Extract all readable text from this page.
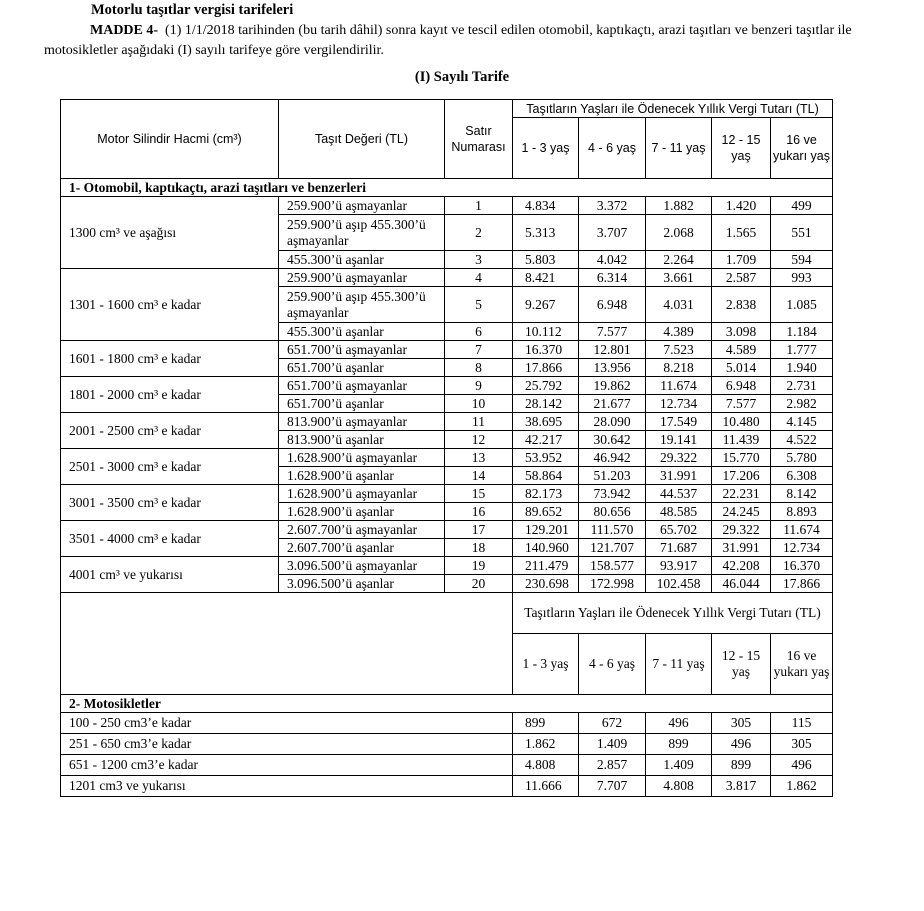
Motorlu taşıtlar vergisi tarifeleri
MADDE 4- (1) 1/1/2018 tarihinden (bu tarih dâhil) sonra kayıt ve tescil edilen otomobil, kaptıkaçtı, arazi taşıtları ve benzeri taşıtlar ile motosikletler aşağıdaki (I) sayılı tarifeye göre vergilendirilir.
(I) Sayılı Tarife
Motor Silindir Hacmi (cm³)	Taşıt Değeri (TL)	Satır Numarası	Taşıtların Yaşları ile Ödenecek Yıllık Vergi Tutarı (TL)				
			1 - 3 yaş	4 - 6 yaş	7 - 11 yaş	12 - 15 yaş	16 ve yukarı yaş
1- Otomobil, kaptıkaçtı, arazi taşıtları ve benzerleri							
1300 cm³ ve aşağısı	259.900’ü aşmayanlar	1	4.834	3.372	1.882	1.420	499
	259.900’ü aşıp 455.300’ü aşmayanlar	2	5.313	3.707	2.068	1.565	551
	455.300’ü aşanlar	3	5.803	4.042	2.264	1.709	594
1301 - 1600 cm³ e kadar	259.900’ü aşmayanlar	4	8.421	6.314	3.661	2.587	993
	259.900’ü aşıp 455.300’ü aşmayanlar	5	9.267	6.948	4.031	2.838	1.085
	455.300’ü aşanlar	6	10.112	7.577	4.389	3.098	1.184
1601 - 1800 cm³ e kadar	651.700’ü aşmayanlar	7	16.370	12.801	7.523	4.589	1.777
	651.700’ü aşanlar	8	17.866	13.956	8.218	5.014	1.940
1801 - 2000 cm³ e kadar	651.700’ü aşmayanlar	9	25.792	19.862	11.674	6.948	2.731
	651.700’ü aşanlar	10	28.142	21.677	12.734	7.577	2.982
2001 - 2500 cm³ e kadar	813.900’ü aşmayanlar	11	38.695	28.090	17.549	10.480	4.145
	813.900’ü aşanlar	12	42.217	30.642	19.141	11.439	4.522
2501 - 3000 cm³ e kadar	1.628.900’ü aşmayanlar	13	53.952	46.942	29.322	15.770	5.780
	1.628.900’ü aşanlar	14	58.864	51.203	31.991	17.206	6.308
3001 - 3500 cm³ e kadar	1.628.900’ü aşmayanlar	15	82.173	73.942	44.537	22.231	8.142
	1.628.900’ü aşanlar	16	89.652	80.656	48.585	24.245	8.893
3501 - 4000 cm³ e kadar	2.607.700’ü aşmayanlar	17	129.201	111.570	65.702	29.322	11.674
	2.607.700’ü aşanlar	18	140.960	121.707	71.687	31.991	12.734
4001 cm³ ve yukarısı	3.096.500’ü aşmayanlar	19	211.479	158.577	93.917	42.208	16.370
	3.096.500’ü aşanlar	20	230.698	172.998	102.458	46.044	17.866
			Taşıtların Yaşları ile Ödenecek Yıllık Vergi Tutarı (TL)				
			1 - 3 yaş	4 - 6 yaş	7 - 11 yaş	12 - 15 yaş	16 ve yukarı yaş
2- Motosikletler							
100 - 250 cm3’e kadar			899	672	496	305	115
251 - 650 cm3’e kadar			1.862	1.409	899	496	305
651 - 1200 cm3’e kadar			4.808	2.857	1.409	899	496
1201 cm3 ve yukarısı			11.666	7.707	4.808	3.817	1.862
